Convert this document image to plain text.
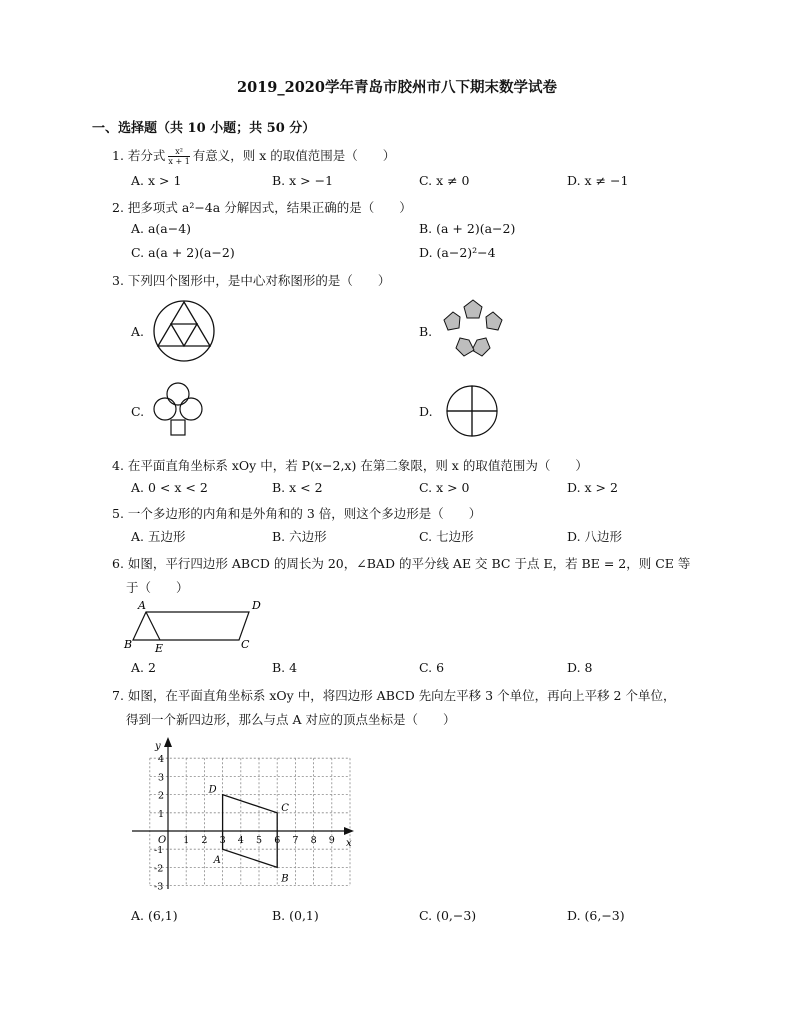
2019_2020学年青岛市胶州市八下期末数学试卷
一、选择题（共 10 小题；共 50 分）
1. 若分式 $\frac{\text{x²}}{x + 1}$ 有意义，则 x 的取值范围是（　　）
A. x > 1	B. x > −1	C. x ≠ 0	D. x ≠ −1
2. 把多项式 a²−4a 分解因式，结果正确的是（　　）
A. a(a−4)	B. (a + 2)(a−2)
C. a(a + 2)(a−2)	D. (a−2)²−4
3. 下列四个图形中，是中心对称图形的是（　　）
A.	B.
C.	D.
4. 在平面直角坐标系 xOy 中，若 P(x−2,x) 在第二象限，则 x 的取值范围为（　　）
A. 0 < x < 2	B. x < 2	C. x > 0	D. x > 2
5. 一个多边形的内角和是外角和的 3 倍，则这个多边形是（　　）
A. 五边形	B. 六边形	C. 七边形	D. 八边形
6. 如图，平行四边形 ABCD 的周长为 20，∠BAD 的平分线 AE 交 BC 于点 E，若 BE = 2，则 CE 等
于（　　）
A	D
B E	C
A. 2	B. 4	C. 6	D. 8
7. 如图，在平面直角坐标系 xOy 中，将四边形 ABCD 先向左平移 3 个单位，再向上平移 2 个单位，
得到一个新四边形，那么与点 A 对应的顶点坐标是（　　）
x
y
O 1 2 3 4 5 6 7 8 9
4
3
2
1
-1
-2
-3
A
B
C
D
A. (6,1)	B. (0,1)	C. (0,−3)	D. (6,−3)
